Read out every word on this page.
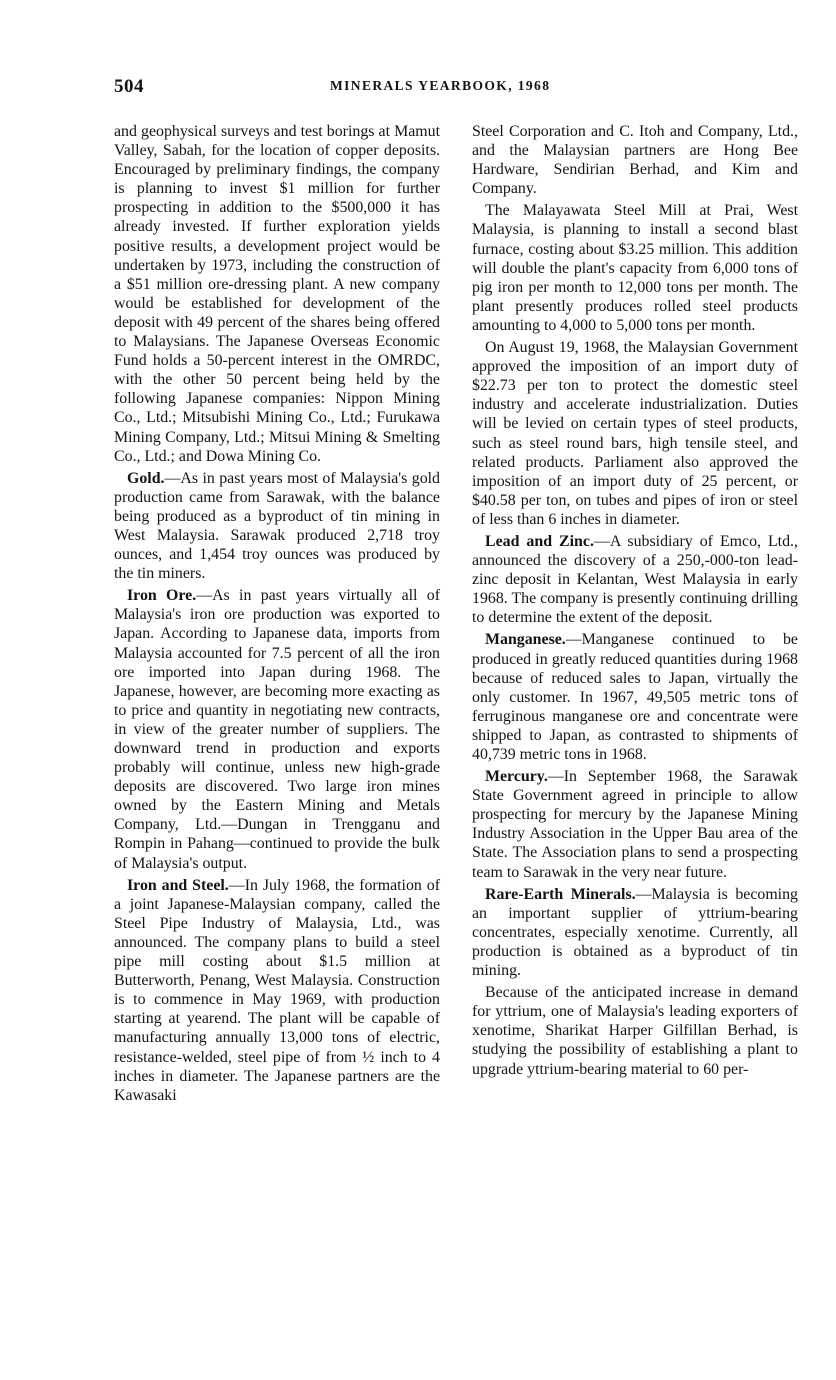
504	MINERALS YEARBOOK, 1968

and geophysical surveys and test borings at Mamut Valley, Sabah, for the location of copper deposits. Encouraged by preliminary findings, the company is planning to invest $1 million for further prospecting in addition to the $500,000 it has already invested. If further exploration yields positive results, a development project would be undertaken by 1973, including the construction of a $51 million ore-dressing plant. A new company would be established for development of the deposit with 49 percent of the shares being offered to Malaysians. The Japanese Overseas Economic Fund holds a 50-percent interest in the OMRDC, with the other 50 percent being held by the following Japanese companies: Nippon Mining Co., Ltd.; Mitsubishi Mining Co., Ltd.; Furukawa Mining Company, Ltd.; Mitsui Mining & Smelting Co., Ltd.; and Dowa Mining Co.

Gold.—As in past years most of Malaysia's gold production came from Sarawak, with the balance being produced as a byproduct of tin mining in West Malaysia. Sarawak produced 2,718 troy ounces, and 1,454 troy ounces was produced by the tin miners.

Iron Ore.—As in past years virtually all of Malaysia's iron ore production was exported to Japan. According to Japanese data, imports from Malaysia accounted for 7.5 percent of all the iron ore imported into Japan during 1968. The Japanese, however, are becoming more exacting as to price and quantity in negotiating new contracts, in view of the greater number of suppliers. The downward trend in production and exports probably will continue, unless new high-grade deposits are discovered. Two large iron mines owned by the Eastern Mining and Metals Company, Ltd.—Dungan in Trengganu and Rompin in Pahang—continued to provide the bulk of Malaysia's output.

Iron and Steel.—In July 1968, the formation of a joint Japanese-Malaysian company, called the Steel Pipe Industry of Malaysia, Ltd., was announced. The company plans to build a steel pipe mill costing about $1.5 million at Butterworth, Penang, West Malaysia. Construction is to commence in May 1969, with production starting at yearend. The plant will be capable of manufacturing annually 13,000 tons of electric, resistance-welded, steel pipe of from ½ inch to 4 inches in diameter. The Japanese partners are the Kawasaki

Steel Corporation and C. Itoh and Company, Ltd., and the Malaysian partners are Hong Bee Hardware, Sendirian Berhad, and Kim and Company.

The Malayawata Steel Mill at Prai, West Malaysia, is planning to install a second blast furnace, costing about $3.25 million. This addition will double the plant's capacity from 6,000 tons of pig iron per month to 12,000 tons per month. The plant presently produces rolled steel products amounting to 4,000 to 5,000 tons per month.

On August 19, 1968, the Malaysian Government approved the imposition of an import duty of $22.73 per ton to protect the domestic steel industry and accelerate industrialization. Duties will be levied on certain types of steel products, such as steel round bars, high tensile steel, and related products. Parliament also approved the imposition of an import duty of 25 percent, or $40.58 per ton, on tubes and pipes of iron or steel of less than 6 inches in diameter.

Lead and Zinc.—A subsidiary of Emco, Ltd., announced the discovery of a 250,-000-ton lead-zinc deposit in Kelantan, West Malaysia in early 1968. The company is presently continuing drilling to determine the extent of the deposit.

Manganese.—Manganese continued to be produced in greatly reduced quantities during 1968 because of reduced sales to Japan, virtually the only customer. In 1967, 49,505 metric tons of ferruginous manganese ore and concentrate were shipped to Japan, as contrasted to shipments of 40,739 metric tons in 1968.

Mercury.—In September 1968, the Sarawak State Government agreed in principle to allow prospecting for mercury by the Japanese Mining Industry Association in the Upper Bau area of the State. The Association plans to send a prospecting team to Sarawak in the very near future.

Rare-Earth Minerals.—Malaysia is becoming an important supplier of yttrium-bearing concentrates, especially xenotime. Currently, all production is obtained as a byproduct of tin mining.

Because of the anticipated increase in demand for yttrium, one of Malaysia's leading exporters of xenotime, Sharikat Harper Gilfillan Berhad, is studying the possibility of establishing a plant to upgrade yttrium-bearing material to 60 per-
